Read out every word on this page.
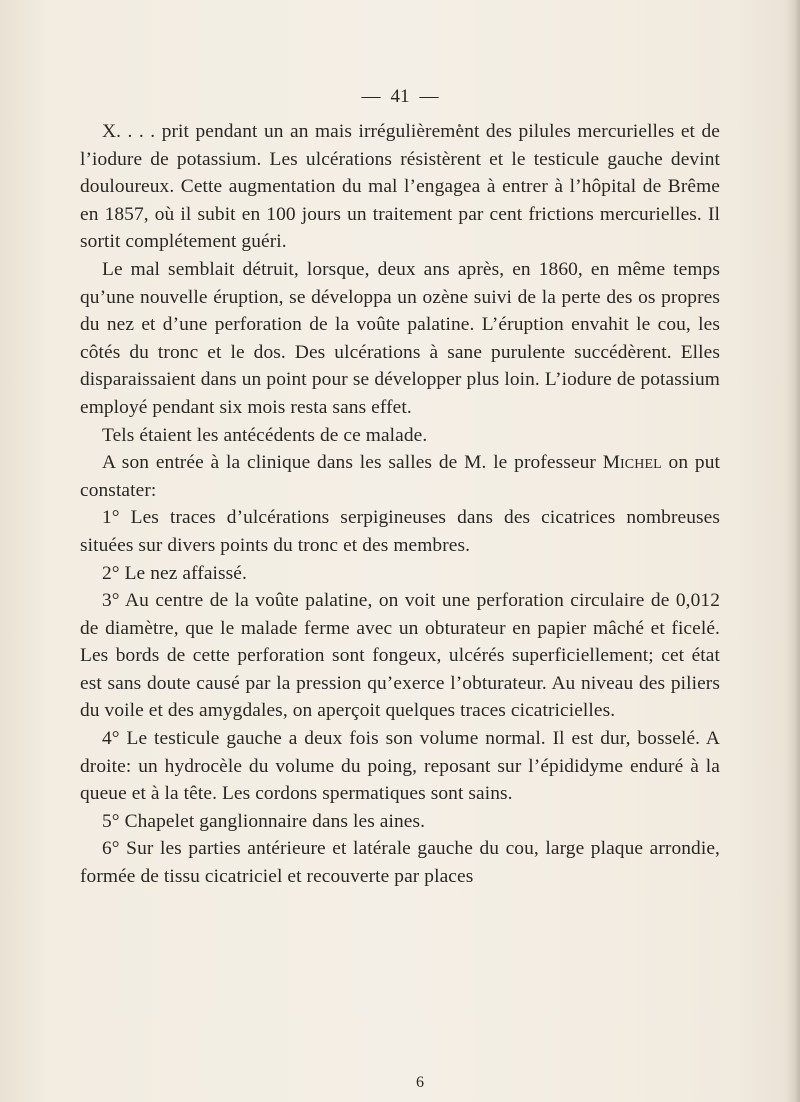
— 41 —

X. . . . prit pendant un an mais irrégulièrement des pilules mercurielles et de l’iodure de potassium. Les ulcérations résistèrent et le testicule gauche devint douloureux. Cette augmentation du mal l’engagea à entrer à l’hôpital de Brême en 1857, où il subit en 100 jours un traitement par cent frictions mercurielles. Il sortit complétement guéri.

Le mal semblait détruit, lorsque, deux ans après, en 1860, en même temps qu’une nouvelle éruption, se développa un ozène suivi de la perte des os propres du nez et d’une perforation de la voûte palatine. L’éruption envahit le cou, les côtés du tronc et le dos. Des ulcérations à sane purulente succédèrent. Elles disparaissaient dans un point pour se développer plus loin. L’iodure de potassium employé pendant six mois resta sans effet.

Tels étaient les antécédents de ce malade.

A son entrée à la clinique dans les salles de M. le professeur Michel on put constater:

1° Les traces d’ulcérations serpigineuses dans des cicatrices nombreuses situées sur divers points du tronc et des membres.

2° Le nez affaissé.

3° Au centre de la voûte palatine, on voit une perforation circulaire de 0,012 de diamètre, que le malade ferme avec un obturateur en papier mâché et ficelé. Les bords de cette perforation sont fongeux, ulcérés superficiellement; cet état est sans doute causé par la pression qu’exerce l’obturateur. Au niveau des piliers du voile et des amygdales, on aperçoit quelques traces cicatricielles.

4° Le testicule gauche a deux fois son volume normal. Il est dur, bosselé. A droite: un hydrocèle du volume du poing, reposant sur l’épididyme enduré à la queue et à la tête. Les cordons spermatiques sont sains.

5° Chapelet ganglionnaire dans les aines.

6° Sur les parties antérieure et latérale gauche du cou, large plaque arrondie, formée de tissu cicatriciel et recouverte par places

6
